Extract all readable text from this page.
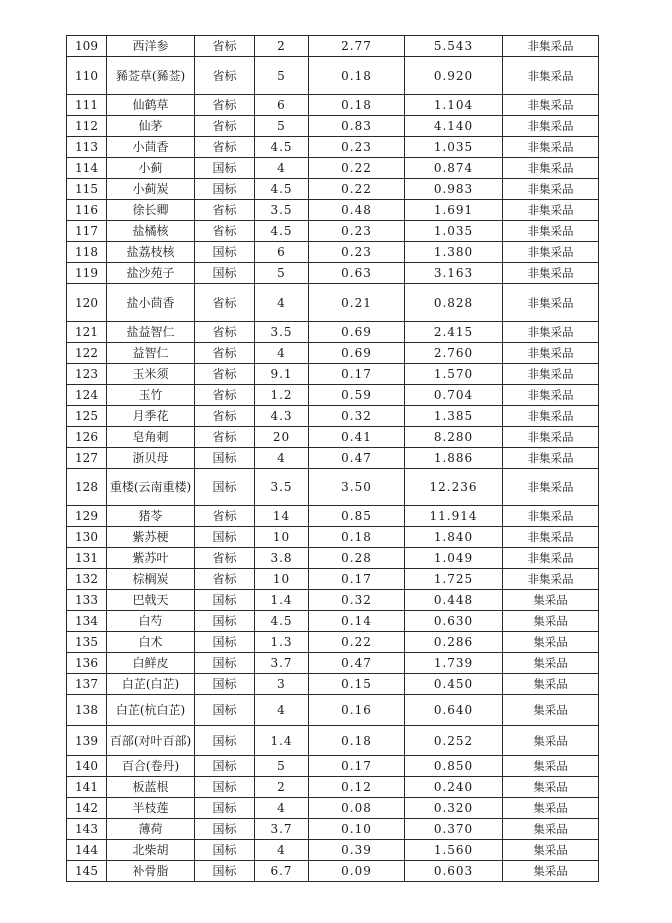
109	西洋参	省标	2	2.77	5.543	非集采品
110	豨莶草(豨莶)	省标	5	0.18	0.920	非集采品
111	仙鹤草	省标	6	0.18	1.104	非集采品
112	仙茅	省标	5	0.83	4.140	非集采品
113	小茴香	省标	4.5	0.23	1.035	非集采品
114	小蓟	国标	4	0.22	0.874	非集采品
115	小蓟炭	国标	4.5	0.22	0.983	非集采品
116	徐长卿	省标	3.5	0.48	1.691	非集采品
117	盐橘核	省标	4.5	0.23	1.035	非集采品
118	盐荔枝核	国标	6	0.23	1.380	非集采品
119	盐沙苑子	国标	5	0.63	3.163	非集采品
120	盐小茴香	省标	4	0.21	0.828	非集采品
121	盐益智仁	省标	3.5	0.69	2.415	非集采品
122	益智仁	省标	4	0.69	2.760	非集采品
123	玉米须	省标	9.1	0.17	1.570	非集采品
124	玉竹	省标	1.2	0.59	0.704	非集采品
125	月季花	省标	4.3	0.32	1.385	非集采品
126	皂角刺	省标	20	0.41	8.280	非集采品
127	浙贝母	国标	4	0.47	1.886	非集采品
128	重楼(云南重楼)	国标	3.5	3.50	12.236	非集采品
129	猪苓	省标	14	0.85	11.914	非集采品
130	紫苏梗	国标	10	0.18	1.840	非集采品
131	紫苏叶	省标	3.8	0.28	1.049	非集采品
132	棕榈炭	省标	10	0.17	1.725	非集采品
133	巴戟天	国标	1.4	0.32	0.448	集采品
134	白芍	国标	4.5	0.14	0.630	集采品
135	白术	国标	1.3	0.22	0.286	集采品
136	白鲜皮	国标	3.7	0.47	1.739	集采品
137	白芷(白芷)	国标	3	0.15	0.450	集采品
138	白芷(杭白芷)	国标	4	0.16	0.640	集采品
139	百部(对叶百部)	国标	1.4	0.18	0.252	集采品
140	百合(卷丹)	国标	5	0.17	0.850	集采品
141	板蓝根	国标	2	0.12	0.240	集采品
142	半枝莲	国标	4	0.08	0.320	集采品
143	薄荷	国标	3.7	0.10	0.370	集采品
144	北柴胡	国标	4	0.39	1.560	集采品
145	补骨脂	国标	6.7	0.09	0.603	集采品
